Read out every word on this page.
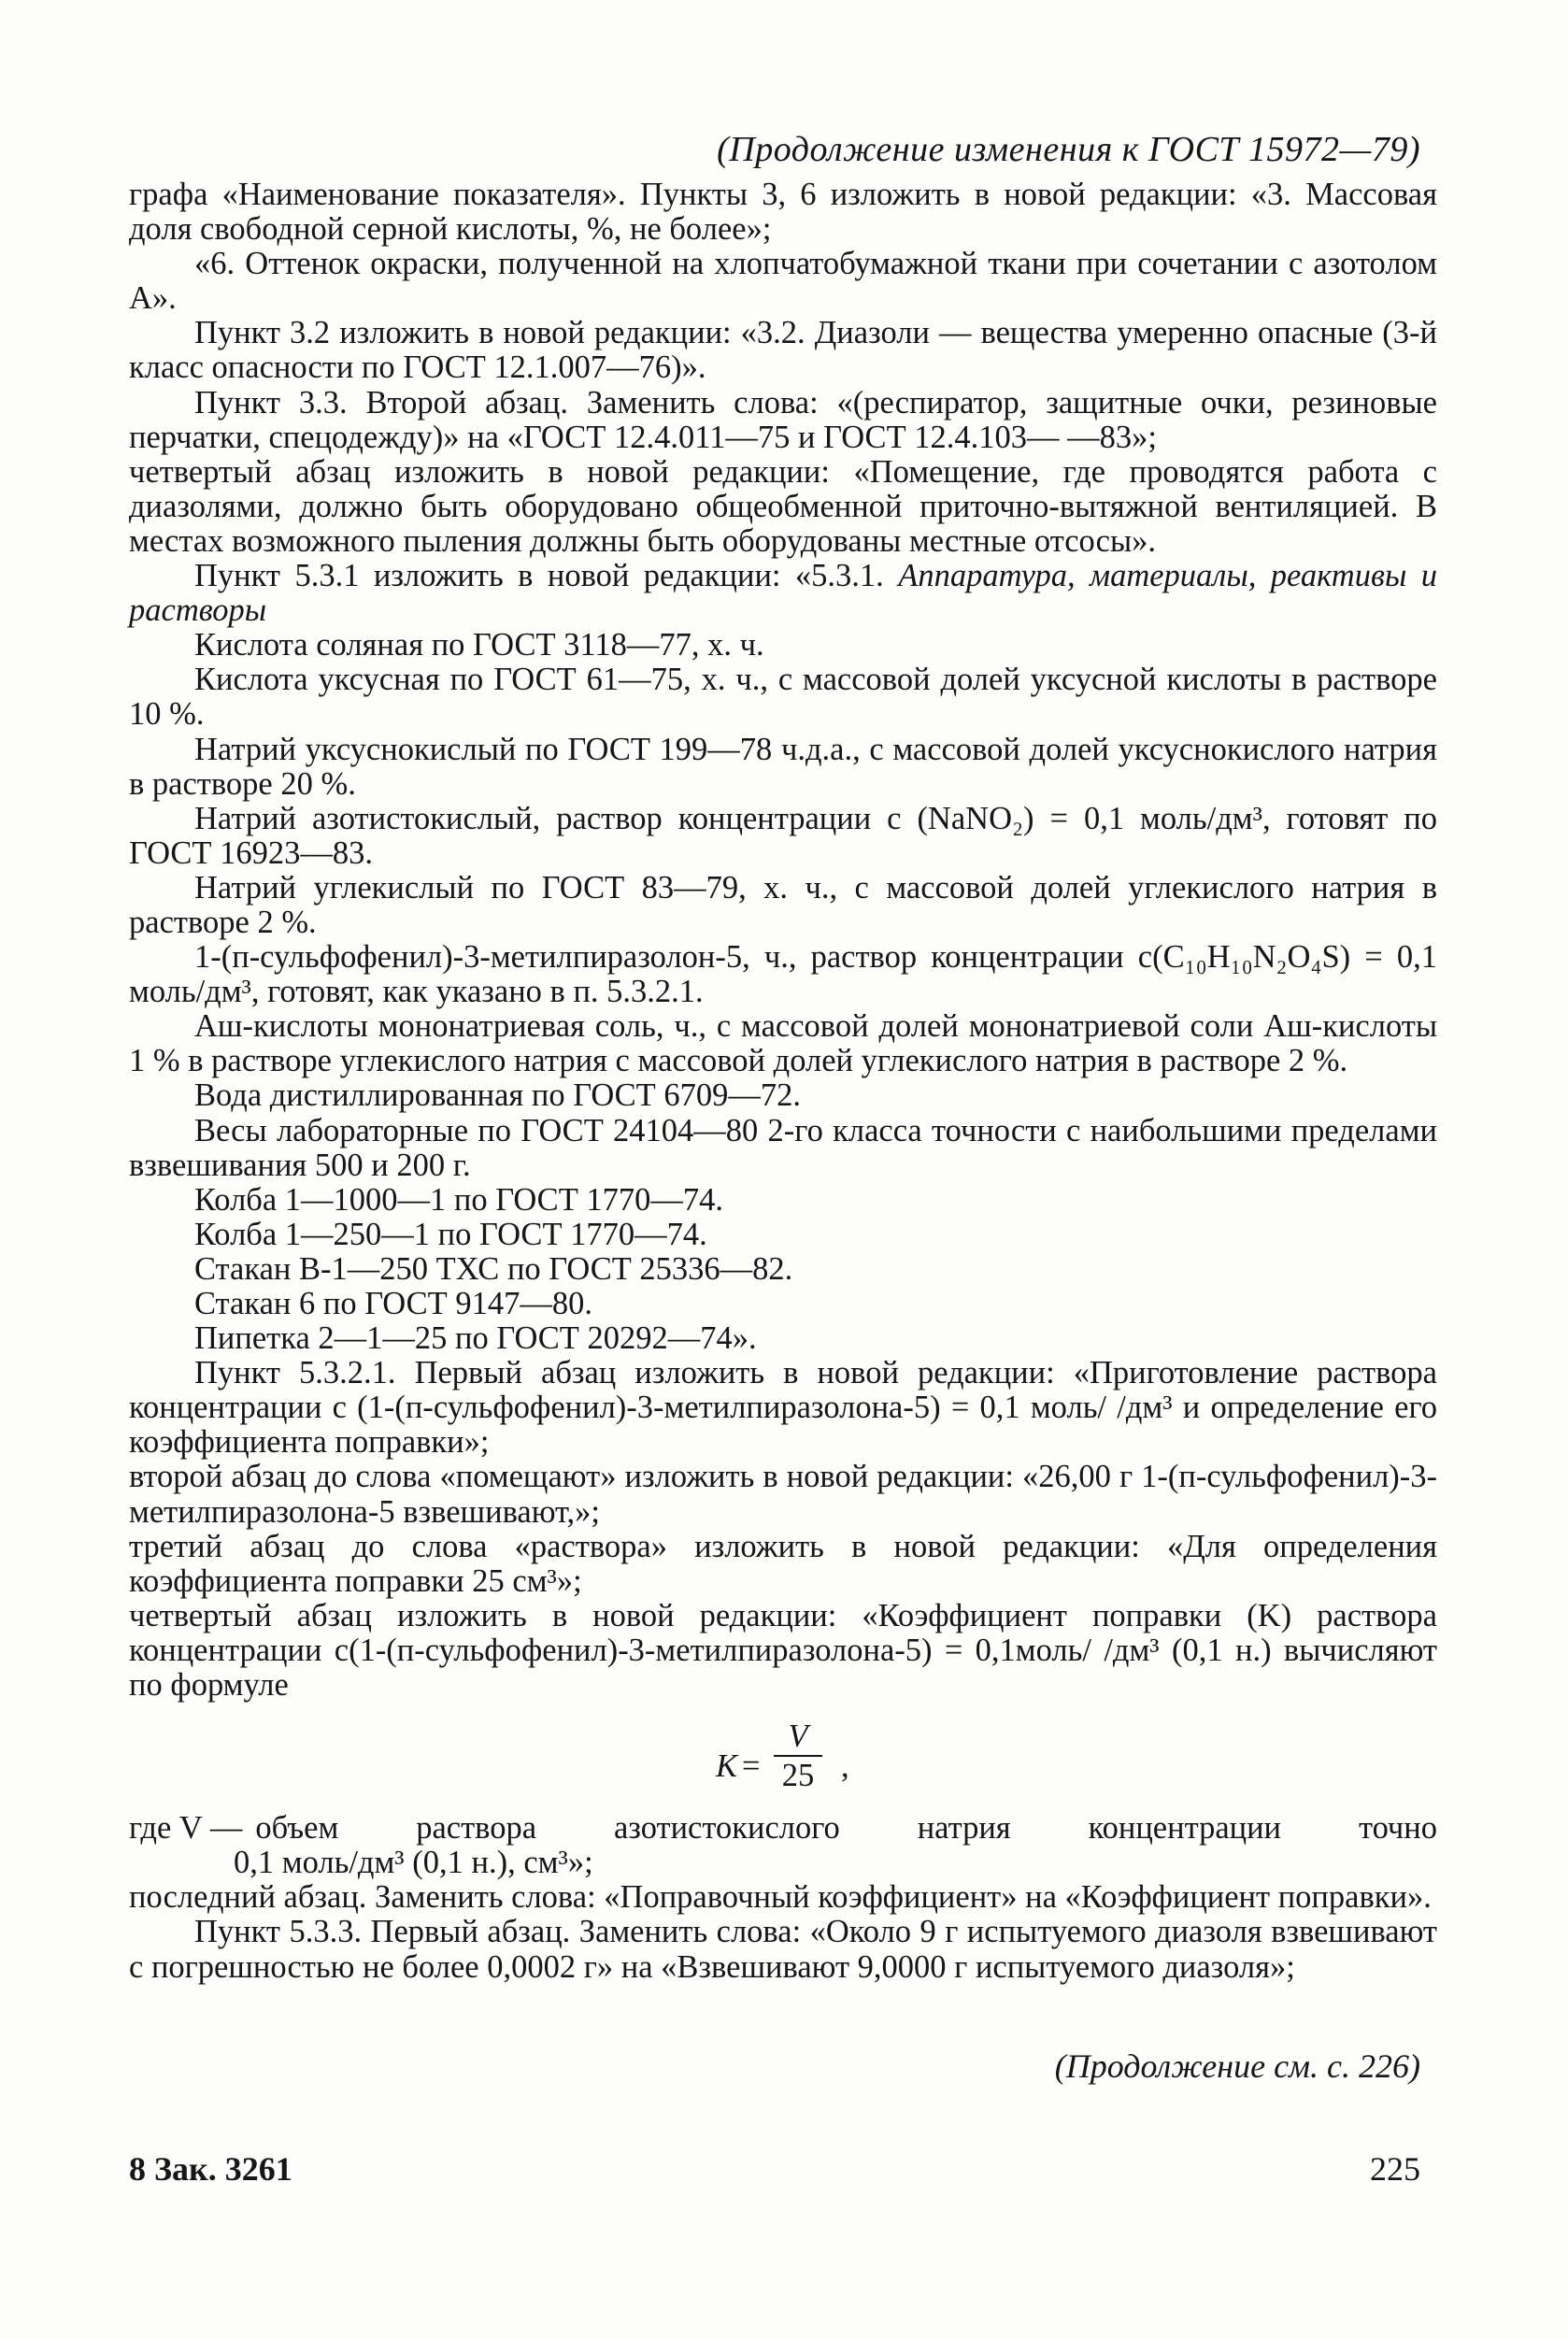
(Продолжение изменения к ГОСТ 15972—79)

графа «Наименование показателя». Пункты 3, 6 изложить в новой редакции: «3. Массовая доля свободной серной кислоты, %, не более»;

«6. Оттенок окраски, полученной на хлопчатобумажной ткани при сочетании с азотолом А».

Пункт 3.2 изложить в новой редакции: «3.2. Диазоли — вещества умеренно опасные (3-й класс опасности по ГОСТ 12.1.007—76)».

Пункт 3.3. Второй абзац. Заменить слова: «(респиратор, защитные очки, резиновые перчатки, спецодежду)» на «ГОСТ 12.4.011—75 и ГОСТ 12.4.103— —83»;

четвертый абзац изложить в новой редакции: «Помещение, где проводятся работа с диазолями, должно быть оборудовано общеобменной приточно-вытяжной вентиляцией. В местах возможного пыления должны быть оборудованы местные отсосы».

Пункт 5.3.1 изложить в новой редакции: «5.3.1. Аппаратура, материалы, реактивы и растворы

Кислота соляная по ГОСТ 3118—77, х. ч.

Кислота уксусная по ГОСТ 61—75, х. ч., с массовой долей уксусной кислоты в растворе 10 %.

Натрий уксуснокислый по ГОСТ 199—78 ч.д.а., с массовой долей уксуснокислого натрия в растворе 20 %.

Натрий азотистокислый, раствор концентрации c (NaNO₂) = 0,1 моль/дм³, готовят по ГОСТ 16923—83.

Натрий углекислый по ГОСТ 83—79, х. ч., с массовой долей углекислого натрия в растворе 2 %.

1-(п-сульфофенил)-3-метилпиразолон-5, ч., раствор концентрации c(C₁₀H₁₀N₂O₄S) = 0,1 моль/дм³, готовят, как указано в п. 5.3.2.1.

Аш-кислоты мононатриевая соль, ч., с массовой долей мононатриевой соли Аш-кислоты 1 % в растворе углекислого натрия с массовой долей углекислого натрия в растворе 2 %.

Вода дистиллированная по ГОСТ 6709—72.

Весы лабораторные по ГОСТ 24104—80 2-го класса точности с наибольшими пределами взвешивания 500 и 200 г.

Колба 1—1000—1 по ГОСТ 1770—74.

Колба 1—250—1 по ГОСТ 1770—74.

Стакан В-1—250 ТХС по ГОСТ 25336—82.

Стакан 6 по ГОСТ 9147—80.

Пипетка 2—1—25 по ГОСТ 20292—74».

Пункт 5.3.2.1. Первый абзац изложить в новой редакции: «Приготовление раствора концентрации c (1-(п-сульфофенил)-3-метилпиразолона-5) = 0,1 моль/ /дм³ и определение его коэффициента поправки»;

второй абзац до слова «помещают» изложить в новой редакции: «26,00 г 1-(п-сульфофенил)-3-метилпиразолона-5 взвешивают,»;

третий абзац до слова «раствора» изложить в новой редакции: «Для определения коэффициента поправки 25 см³»;

четвертый абзац изложить в новой редакции: «Коэффициент поправки (K) раствора концентрации c(1-(п-сульфофенил)-3-метилпиразолона-5) = 0,1моль/ /дм³ (0,1 н.) вычисляют по формуле

K =
V
25 ,
где V — объем раствора азотистокислого натрия концентрации точно

0,1 моль/дм³ (0,1 н.), см³»;

последний абзац. Заменить слова: «Поправочный коэффициент» на «Коэффициент поправки».

Пункт 5.3.3. Первый абзац. Заменить слова: «Около 9 г испытуемого диазоля взвешивают с погрешностью не более 0,0002 г» на «Взвешивают 9,0000 г испытуемого диазоля»;

(Продолжение см. с. 226)
8 Зак. 3261	225
